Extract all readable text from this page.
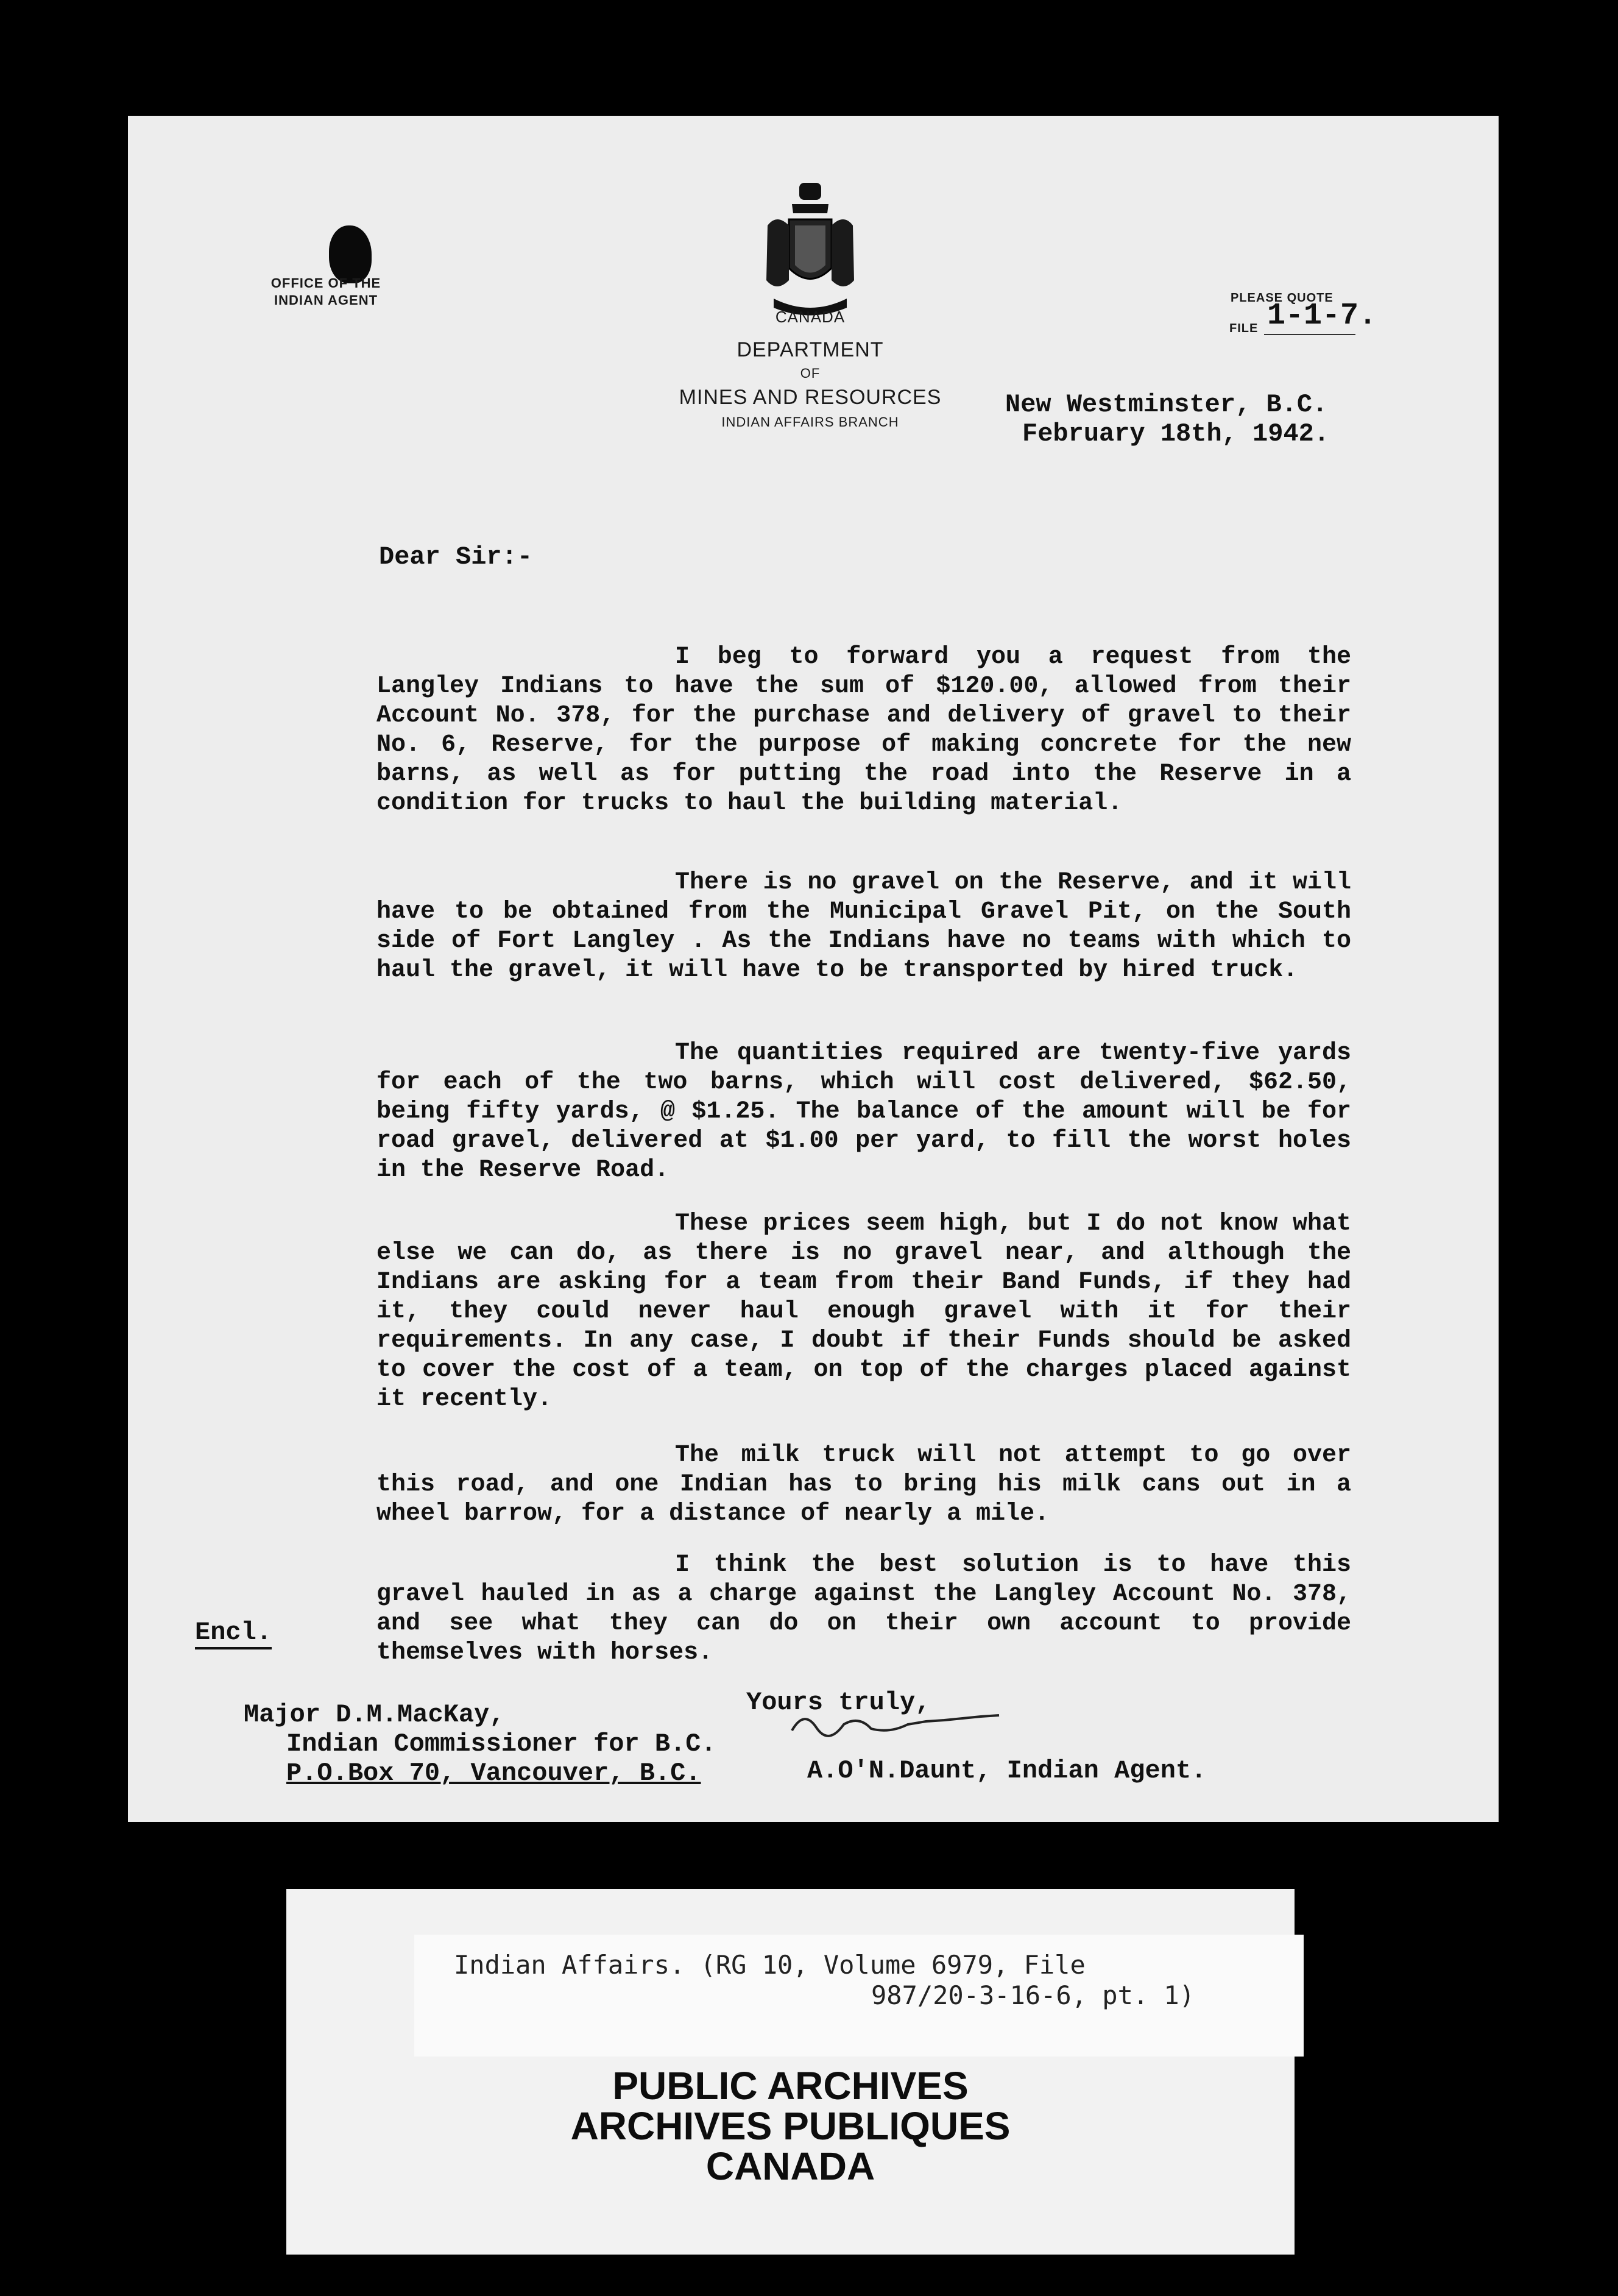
OFFICE OF THE
INDIAN AGENT
CANADA
DEPARTMENT
OF
MINES AND RESOURCES
INDIAN AFFAIRS BRANCH
PLEASE QUOTE
FILE 1-1-7.
New Westminster, B.C.
February 18th, 1942.
Dear Sir:-

I beg to forward you a request from the Langley Indians to have the sum of $120.00, allowed from their Account No. 378, for the purchase and delivery of gravel to their No. 6, Reserve, for the purpose of making concrete for the new barns, as well as for putting the road into the Reserve in a condition for trucks to haul the building material.

There is no gravel on the Reserve, and it will have to be obtained from the Municipal Gravel Pit, on the South side of Fort Langley . As the Indians have no teams with which to haul the gravel, it will have to be transported by hired truck.

The quantities required are twenty-five yards for each of the two barns, which will cost delivered, $62.50, being fifty yards, @ $1.25. The balance of the amount will be for road gravel, delivered at $1.00 per yard, to fill the worst holes in the Reserve Road.

These prices seem high, but I do not know what else we can do, as there is no gravel near, and although the Indians are asking for a team from their Band Funds, if they had it, they could never haul enough gravel with it for their requirements. In any case, I doubt if their Funds should be asked to cover the cost of a team, on top of the charges placed against it recently.

The milk truck will not attempt to go over this road, and one Indian has to bring his milk cans out in a wheel barrow, for a distance of nearly a mile.

I think the best solution is to have this gravel hauled in as a charge against the Langley Account No. 378, and see what they can do on their own account to provide themselves with horses.

Encl.
Major D.M.MacKay,
Indian Commissioner for B.C.
P.O.Box 70, Vancouver, B.C.
Yours truly,
A.O'N.Daunt, Indian Agent.
Indian Affairs. (RG 10, Volume 6979, File
987/20-3-16-6, pt. 1)
PUBLIC ARCHIVES
ARCHIVES PUBLIQUES
CANADA
